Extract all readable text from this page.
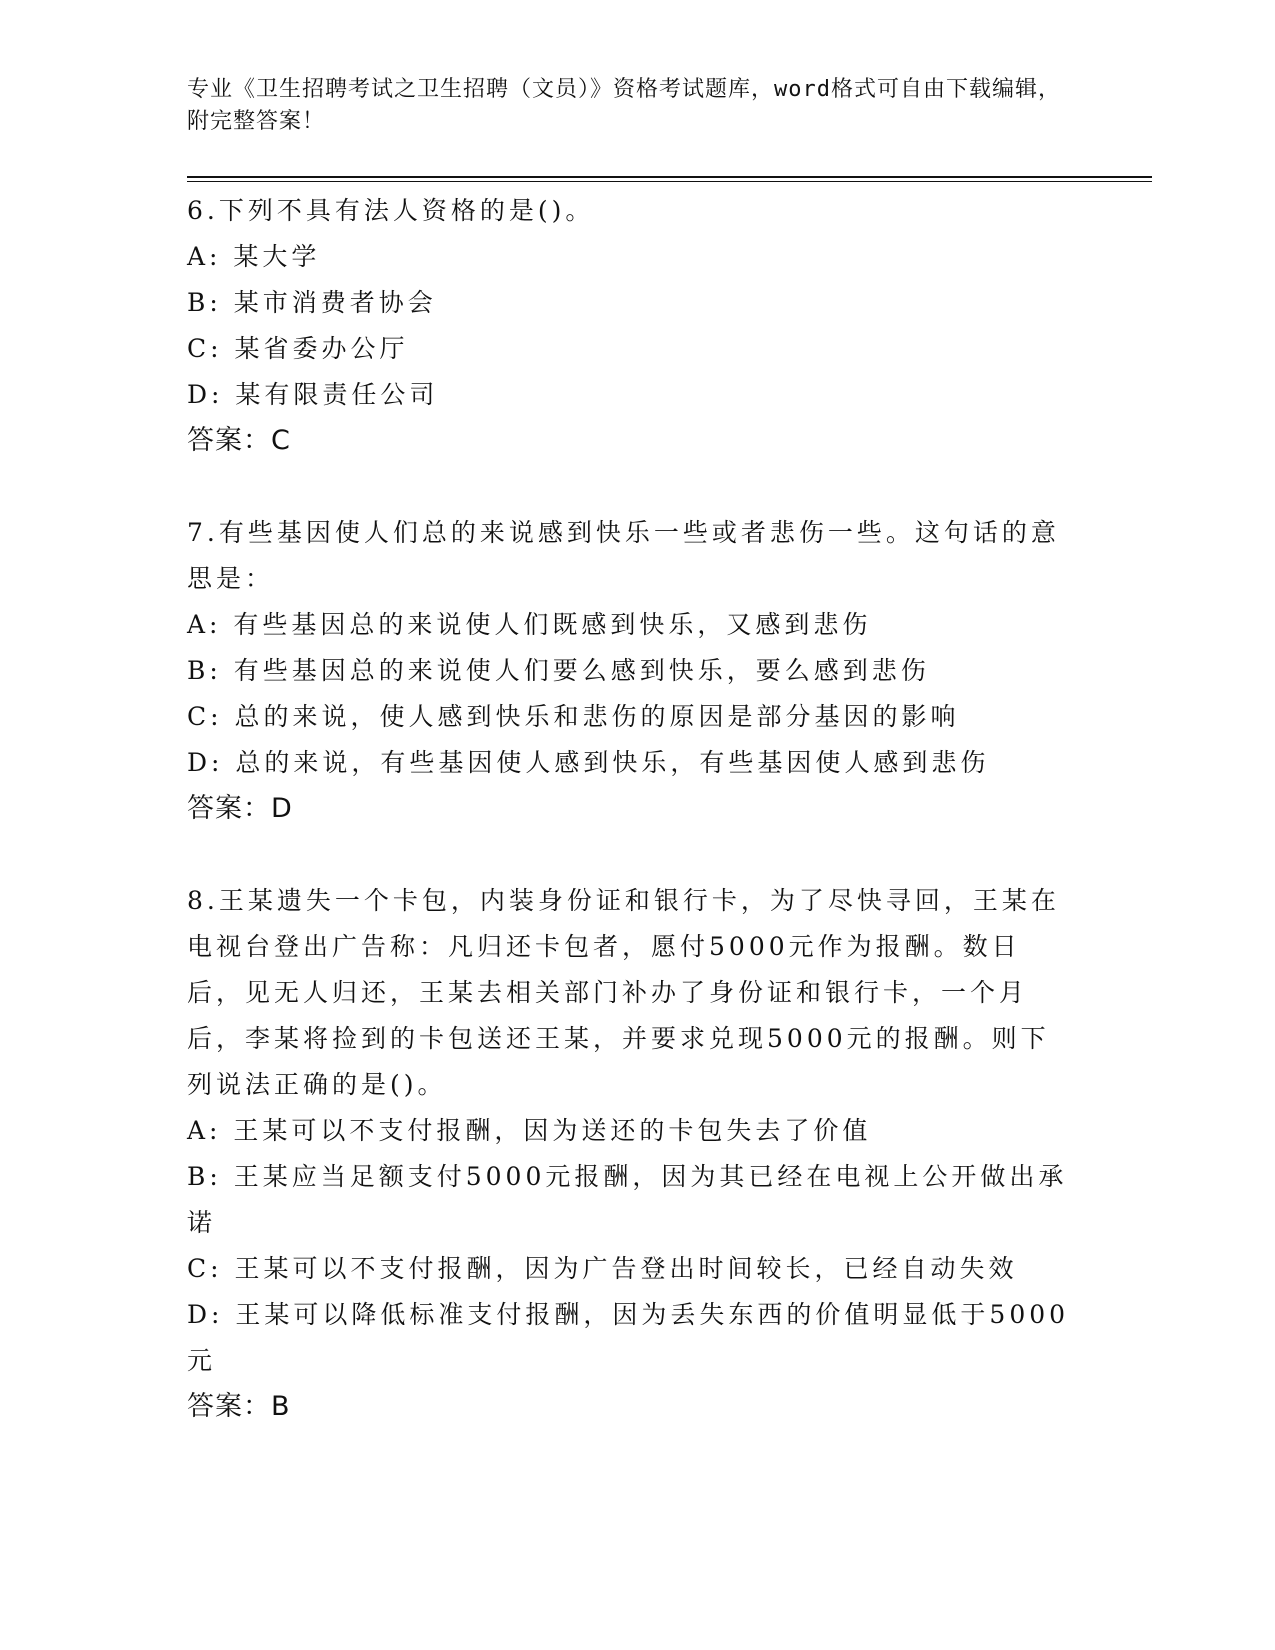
专业《卫生招聘考试之卫生招聘（文员）》资格考试题库，word格式可自由下载编辑，附完整答案！

6.下列不具有法人资格的是()。

A: 某大学

B: 某市消费者协会

C: 某省委办公厅

D: 某有限责任公司

答案：C

7.有些基因使人们总的来说感到快乐一些或者悲伤一些。这句话的意思是：

A: 有些基因总的来说使人们既感到快乐，又感到悲伤

B: 有些基因总的来说使人们要么感到快乐，要么感到悲伤

C: 总的来说，使人感到快乐和悲伤的原因是部分基因的影响

D: 总的来说，有些基因使人感到快乐，有些基因使人感到悲伤

答案：D

8.王某遗失一个卡包，内装身份证和银行卡，为了尽快寻回，王某在电视台登出广告称：凡归还卡包者，愿付5000元作为报酬。数日后，见无人归还，王某去相关部门补办了身份证和银行卡，一个月后，李某将捡到的卡包送还王某，并要求兑现5000元的报酬。则下列说法正确的是()。

A: 王某可以不支付报酬，因为送还的卡包失去了价值

B: 王某应当足额支付5000元报酬，因为其已经在电视上公开做出承诺

C: 王某可以不支付报酬，因为广告登出时间较长，已经自动失效

D: 王某可以降低标准支付报酬，因为丢失东西的价值明显低于5000元

答案：B
